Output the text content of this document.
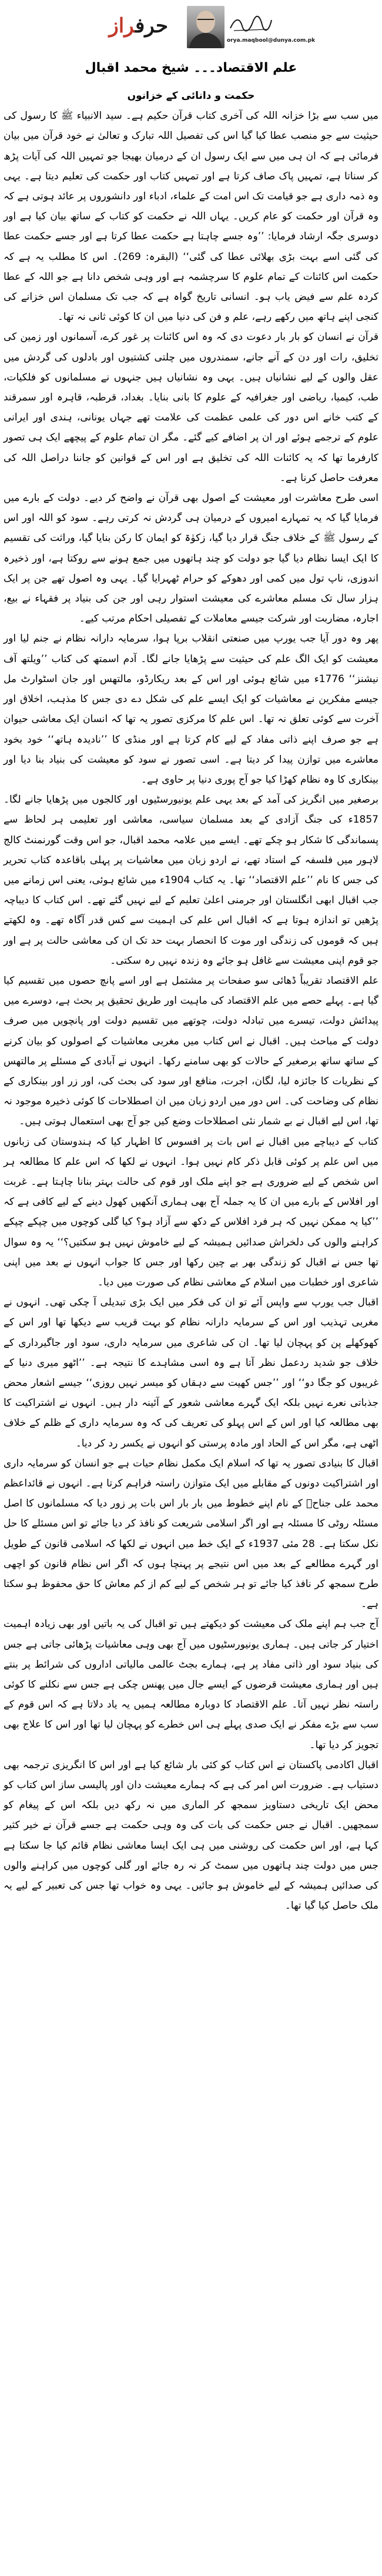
حرفراز
orya.maqbool@dunya.com.pk
علم الاقتصاد۔۔۔ شیخ محمد اقبال

حکمت و دانائی کے خزانوں

میں سب سے بڑا خزانہ اللہ کی آخری کتاب قرآن حکیم ہے۔ سید الانبیاء ﷺ کا رسول کی حیثیت سے جو منصب عطا کیا گیا اس کی تفصیل اللہ تبارک و تعالیٰ نے خود قرآن میں بیان فرمائی ہے کہ ان ہی میں سے ایک رسول ان کے درمیان بھیجا جو تمہیں اللہ کی آیات پڑھ کر سناتا ہے، تمہیں پاک صاف کرتا ہے اور تمہیں کتاب اور حکمت کی تعلیم دیتا ہے۔ یہی وہ ذمہ داری ہے جو قیامت تک اس امت کے علماء، ادباء اور دانشوروں پر عائد ہوتی ہے کہ وہ قرآن اور حکمت کو عام کریں۔ یہاں اللہ نے حکمت کو کتاب کے ساتھ بیان کیا ہے اور دوسری جگہ ارشاد فرمایا: ’’وہ جسے چاہتا ہے حکمت عطا کرتا ہے اور جسے حکمت عطا کی گئی اسے بہت بڑی بھلائی عطا کی گئی‘‘ (البقرہ: 269)۔ اس کا مطلب یہ ہے کہ حکمت اس کائنات کے تمام علوم کا سرچشمہ ہے اور وہی شخص دانا ہے جو اللہ کے عطا کردہ علم سے فیض یاب ہو۔ انسانی تاریخ گواہ ہے کہ جب تک مسلمان اس خزانے کی کنجی اپنے ہاتھ میں رکھے رہے، علم و فن کی دنیا میں ان کا کوئی ثانی نہ تھا۔

قرآن نے انسان کو بار بار دعوت دی کہ وہ اس کائنات پر غور کرے، آسمانوں اور زمین کی تخلیق، رات اور دن کے آنے جانے، سمندروں میں چلتی کشتیوں اور بادلوں کی گردش میں عقل والوں کے لیے نشانیاں ہیں۔ یہی وہ نشانیاں ہیں جنہوں نے مسلمانوں کو فلکیات، طب، کیمیا، ریاضی اور جغرافیہ کے علوم کا بانی بنایا۔ بغداد، قرطبہ، قاہرہ اور سمرقند کے کتب خانے اس دور کی علمی عظمت کی علامت تھے جہاں یونانی، ہندی اور ایرانی علوم کے ترجمے ہوئے اور ان پر اضافے کیے گئے۔ مگر ان تمام علوم کے پیچھے ایک ہی تصور کارفرما تھا کہ یہ کائنات اللہ کی تخلیق ہے اور اس کے قوانین کو جاننا دراصل اللہ کی معرفت حاصل کرنا ہے۔

اسی طرح معاشرت اور معیشت کے اصول بھی قرآن نے واضح کر دیے۔ دولت کے بارے میں فرمایا گیا کہ یہ تمہارے امیروں کے درمیان ہی گردش نہ کرتی رہے۔ سود کو اللہ اور اس کے رسول ﷺ کے خلاف جنگ قرار دیا گیا، زکوٰۃ کو ایمان کا رکن بنایا گیا، وراثت کی تقسیم کا ایک ایسا نظام دیا گیا جو دولت کو چند ہاتھوں میں جمع ہونے سے روکتا ہے، اور ذخیرہ اندوزی، ناپ تول میں کمی اور دھوکے کو حرام ٹھہرایا گیا۔ یہی وہ اصول تھے جن پر ایک ہزار سال تک مسلم معاشرے کی معیشت استوار رہی اور جن کی بنیاد پر فقہاء نے بیع، اجارہ، مضاربت اور شرکت جیسے معاملات کے تفصیلی احکام مرتب کیے۔

پھر وہ دور آیا جب یورپ میں صنعتی انقلاب برپا ہوا، سرمایہ دارانہ نظام نے جنم لیا اور معیشت کو ایک الگ علم کی حیثیت سے پڑھایا جانے لگا۔ آدم اسمتھ کی کتاب ’’ویلتھ آف نیشنز‘‘ 1776ء میں شائع ہوئی اور اس کے بعد ریکارڈو، مالتھس اور جان اسٹوارٹ مل جیسے مفکرین نے معاشیات کو ایک ایسے علم کی شکل دے دی جس کا مذہب، اخلاق اور آخرت سے کوئی تعلق نہ تھا۔ اس علم کا مرکزی تصور یہ تھا کہ انسان ایک معاشی حیوان ہے جو صرف اپنے ذاتی مفاد کے لیے کام کرتا ہے اور منڈی کا ’’نادیدہ ہاتھ‘‘ خود بخود معاشرے میں توازن پیدا کر دیتا ہے۔ اسی تصور نے سود کو معیشت کی بنیاد بنا دیا اور بینکاری کا وہ نظام کھڑا کیا جو آج پوری دنیا پر حاوی ہے۔

برصغیر میں انگریز کی آمد کے بعد یہی علم یونیورسٹیوں اور کالجوں میں پڑھایا جانے لگا۔ 1857ء کی جنگ آزادی کے بعد مسلمان سیاسی، معاشی اور تعلیمی ہر لحاظ سے پسماندگی کا شکار ہو چکے تھے۔ ایسے میں علامہ محمد اقبال، جو اس وقت گورنمنٹ کالج لاہور میں فلسفہ کے استاد تھے، نے اردو زبان میں معاشیات پر پہلی باقاعدہ کتاب تحریر کی جس کا نام ’’علم الاقتصاد‘‘ تھا۔ یہ کتاب 1904ء میں شائع ہوئی، یعنی اس زمانے میں جب اقبال ابھی انگلستان اور جرمنی اعلیٰ تعلیم کے لیے نہیں گئے تھے۔ اس کتاب کا دیباچہ پڑھیں تو اندازہ ہوتا ہے کہ اقبال اس علم کی اہمیت سے کس قدر آگاہ تھے۔ وہ لکھتے ہیں کہ قوموں کی زندگی اور موت کا انحصار بہت حد تک ان کی معاشی حالت پر ہے اور جو قوم اپنی معیشت سے غافل ہو جائے وہ زندہ نہیں رہ سکتی۔

علم الاقتصاد تقریباً ڈھائی سو صفحات پر مشتمل ہے اور اسے پانچ حصوں میں تقسیم کیا گیا ہے۔ پہلے حصے میں علم الاقتصاد کی ماہیت اور طریق تحقیق پر بحث ہے، دوسرے میں پیدائش دولت، تیسرے میں تبادلہ دولت، چوتھے میں تقسیم دولت اور پانچویں میں صرف دولت کے مباحث ہیں۔ اقبال نے اس کتاب میں مغربی معاشیات کے اصولوں کو بیان کرنے کے ساتھ ساتھ برصغیر کے حالات کو بھی سامنے رکھا۔ انہوں نے آبادی کے مسئلے پر مالتھس کے نظریات کا جائزہ لیا، لگان، اجرت، منافع اور سود کی بحث کی، اور زر اور بینکاری کے نظام کی وضاحت کی۔ اس دور میں اردو زبان میں ان اصطلاحات کا کوئی ذخیرہ موجود نہ تھا، اس لیے اقبال نے بے شمار نئی اصطلاحات وضع کیں جو آج بھی استعمال ہوتی ہیں۔

کتاب کے دیباچے میں اقبال نے اس بات پر افسوس کا اظہار کیا کہ ہندوستان کی زبانوں میں اس علم پر کوئی قابل ذکر کام نہیں ہوا۔ انہوں نے لکھا کہ اس علم کا مطالعہ ہر اس شخص کے لیے ضروری ہے جو اپنے ملک اور قوم کی حالت بہتر بنانا چاہتا ہے۔ غربت اور افلاس کے بارے میں ان کا یہ جملہ آج بھی ہماری آنکھیں کھول دینے کے لیے کافی ہے کہ ’’کیا یہ ممکن نہیں کہ ہر فرد افلاس کے دکھ سے آزاد ہو؟ کیا گلی کوچوں میں چپکے چپکے کراہنے والوں کی دلخراش صدائیں ہمیشہ کے لیے خاموش نہیں ہو سکتیں؟‘‘ یہ وہ سوال تھا جس نے اقبال کو زندگی بھر بے چین رکھا اور جس کا جواب انہوں نے بعد میں اپنی شاعری اور خطبات میں اسلام کے معاشی نظام کی صورت میں دیا۔

اقبال جب یورپ سے واپس آئے تو ان کی فکر میں ایک بڑی تبدیلی آ چکی تھی۔ انہوں نے مغربی تہذیب اور اس کے سرمایہ دارانہ نظام کو بہت قریب سے دیکھا تھا اور اس کے کھوکھلے پن کو پہچان لیا تھا۔ ان کی شاعری میں سرمایہ داری، سود اور جاگیرداری کے خلاف جو شدید ردعمل نظر آتا ہے وہ اسی مشاہدے کا نتیجہ ہے۔ ’’اٹھو میری دنیا کے غریبوں کو جگا دو‘‘ اور ’’جس کھیت سے دہقاں کو میسر نہیں روزی‘‘ جیسے اشعار محض جذباتی نعرے نہیں بلکہ ایک گہرے معاشی شعور کے آئینہ دار ہیں۔ انہوں نے اشتراکیت کا بھی مطالعہ کیا اور اس کے اس پہلو کی تعریف کی کہ وہ سرمایہ داری کے ظلم کے خلاف اٹھی ہے، مگر اس کے الحاد اور مادہ پرستی کو انہوں نے یکسر رد کر دیا۔

اقبال کا بنیادی تصور یہ تھا کہ اسلام ایک مکمل نظام حیات ہے جو انسان کو سرمایہ داری اور اشتراکیت دونوں کے مقابلے میں ایک متوازن راستہ فراہم کرتا ہے۔ انہوں نے قائداعظم محمد علی جناحؒ کے نام اپنے خطوط میں بار بار اس بات پر زور دیا کہ مسلمانوں کا اصل مسئلہ روٹی کا مسئلہ ہے اور اگر اسلامی شریعت کو نافذ کر دیا جائے تو اس مسئلے کا حل نکل سکتا ہے۔ 28 مئی 1937ء کے ایک خط میں انہوں نے لکھا کہ اسلامی قانون کے طویل اور گہرے مطالعے کے بعد میں اس نتیجے پر پہنچا ہوں کہ اگر اس نظام قانون کو اچھی طرح سمجھ کر نافذ کیا جائے تو ہر شخص کے لیے کم از کم معاش کا حق محفوظ ہو سکتا ہے۔

آج جب ہم اپنے ملک کی معیشت کو دیکھتے ہیں تو اقبال کی یہ باتیں اور بھی زیادہ اہمیت اختیار کر جاتی ہیں۔ ہماری یونیورسٹیوں میں آج بھی وہی معاشیات پڑھائی جاتی ہے جس کی بنیاد سود اور ذاتی مفاد پر ہے، ہمارے بجٹ عالمی مالیاتی اداروں کی شرائط پر بنتے ہیں اور ہماری معیشت قرضوں کے ایسے جال میں پھنس چکی ہے جس سے نکلنے کا کوئی راستہ نظر نہیں آتا۔ علم الاقتصاد کا دوبارہ مطالعہ ہمیں یہ یاد دلاتا ہے کہ اس قوم کے سب سے بڑے مفکر نے ایک صدی پہلے ہی اس خطرے کو پہچان لیا تھا اور اس کا علاج بھی تجویز کر دیا تھا۔

اقبال اکادمی پاکستان نے اس کتاب کو کئی بار شائع کیا ہے اور اس کا انگریزی ترجمہ بھی دستیاب ہے۔ ضرورت اس امر کی ہے کہ ہمارے معیشت دان اور پالیسی ساز اس کتاب کو محض ایک تاریخی دستاویز سمجھ کر الماری میں نہ رکھ دیں بلکہ اس کے پیغام کو سمجھیں۔ اقبال نے جس حکمت کی بات کی وہ وہی حکمت ہے جسے قرآن نے خیر کثیر کہا ہے، اور اس حکمت کی روشنی میں ہی ایک ایسا معاشی نظام قائم کیا جا سکتا ہے جس میں دولت چند ہاتھوں میں سمٹ کر نہ رہ جائے اور گلی کوچوں میں کراہنے والوں کی صدائیں ہمیشہ کے لیے خاموش ہو جائیں۔ یہی وہ خواب تھا جس کی تعبیر کے لیے یہ ملک حاصل کیا گیا تھا۔
